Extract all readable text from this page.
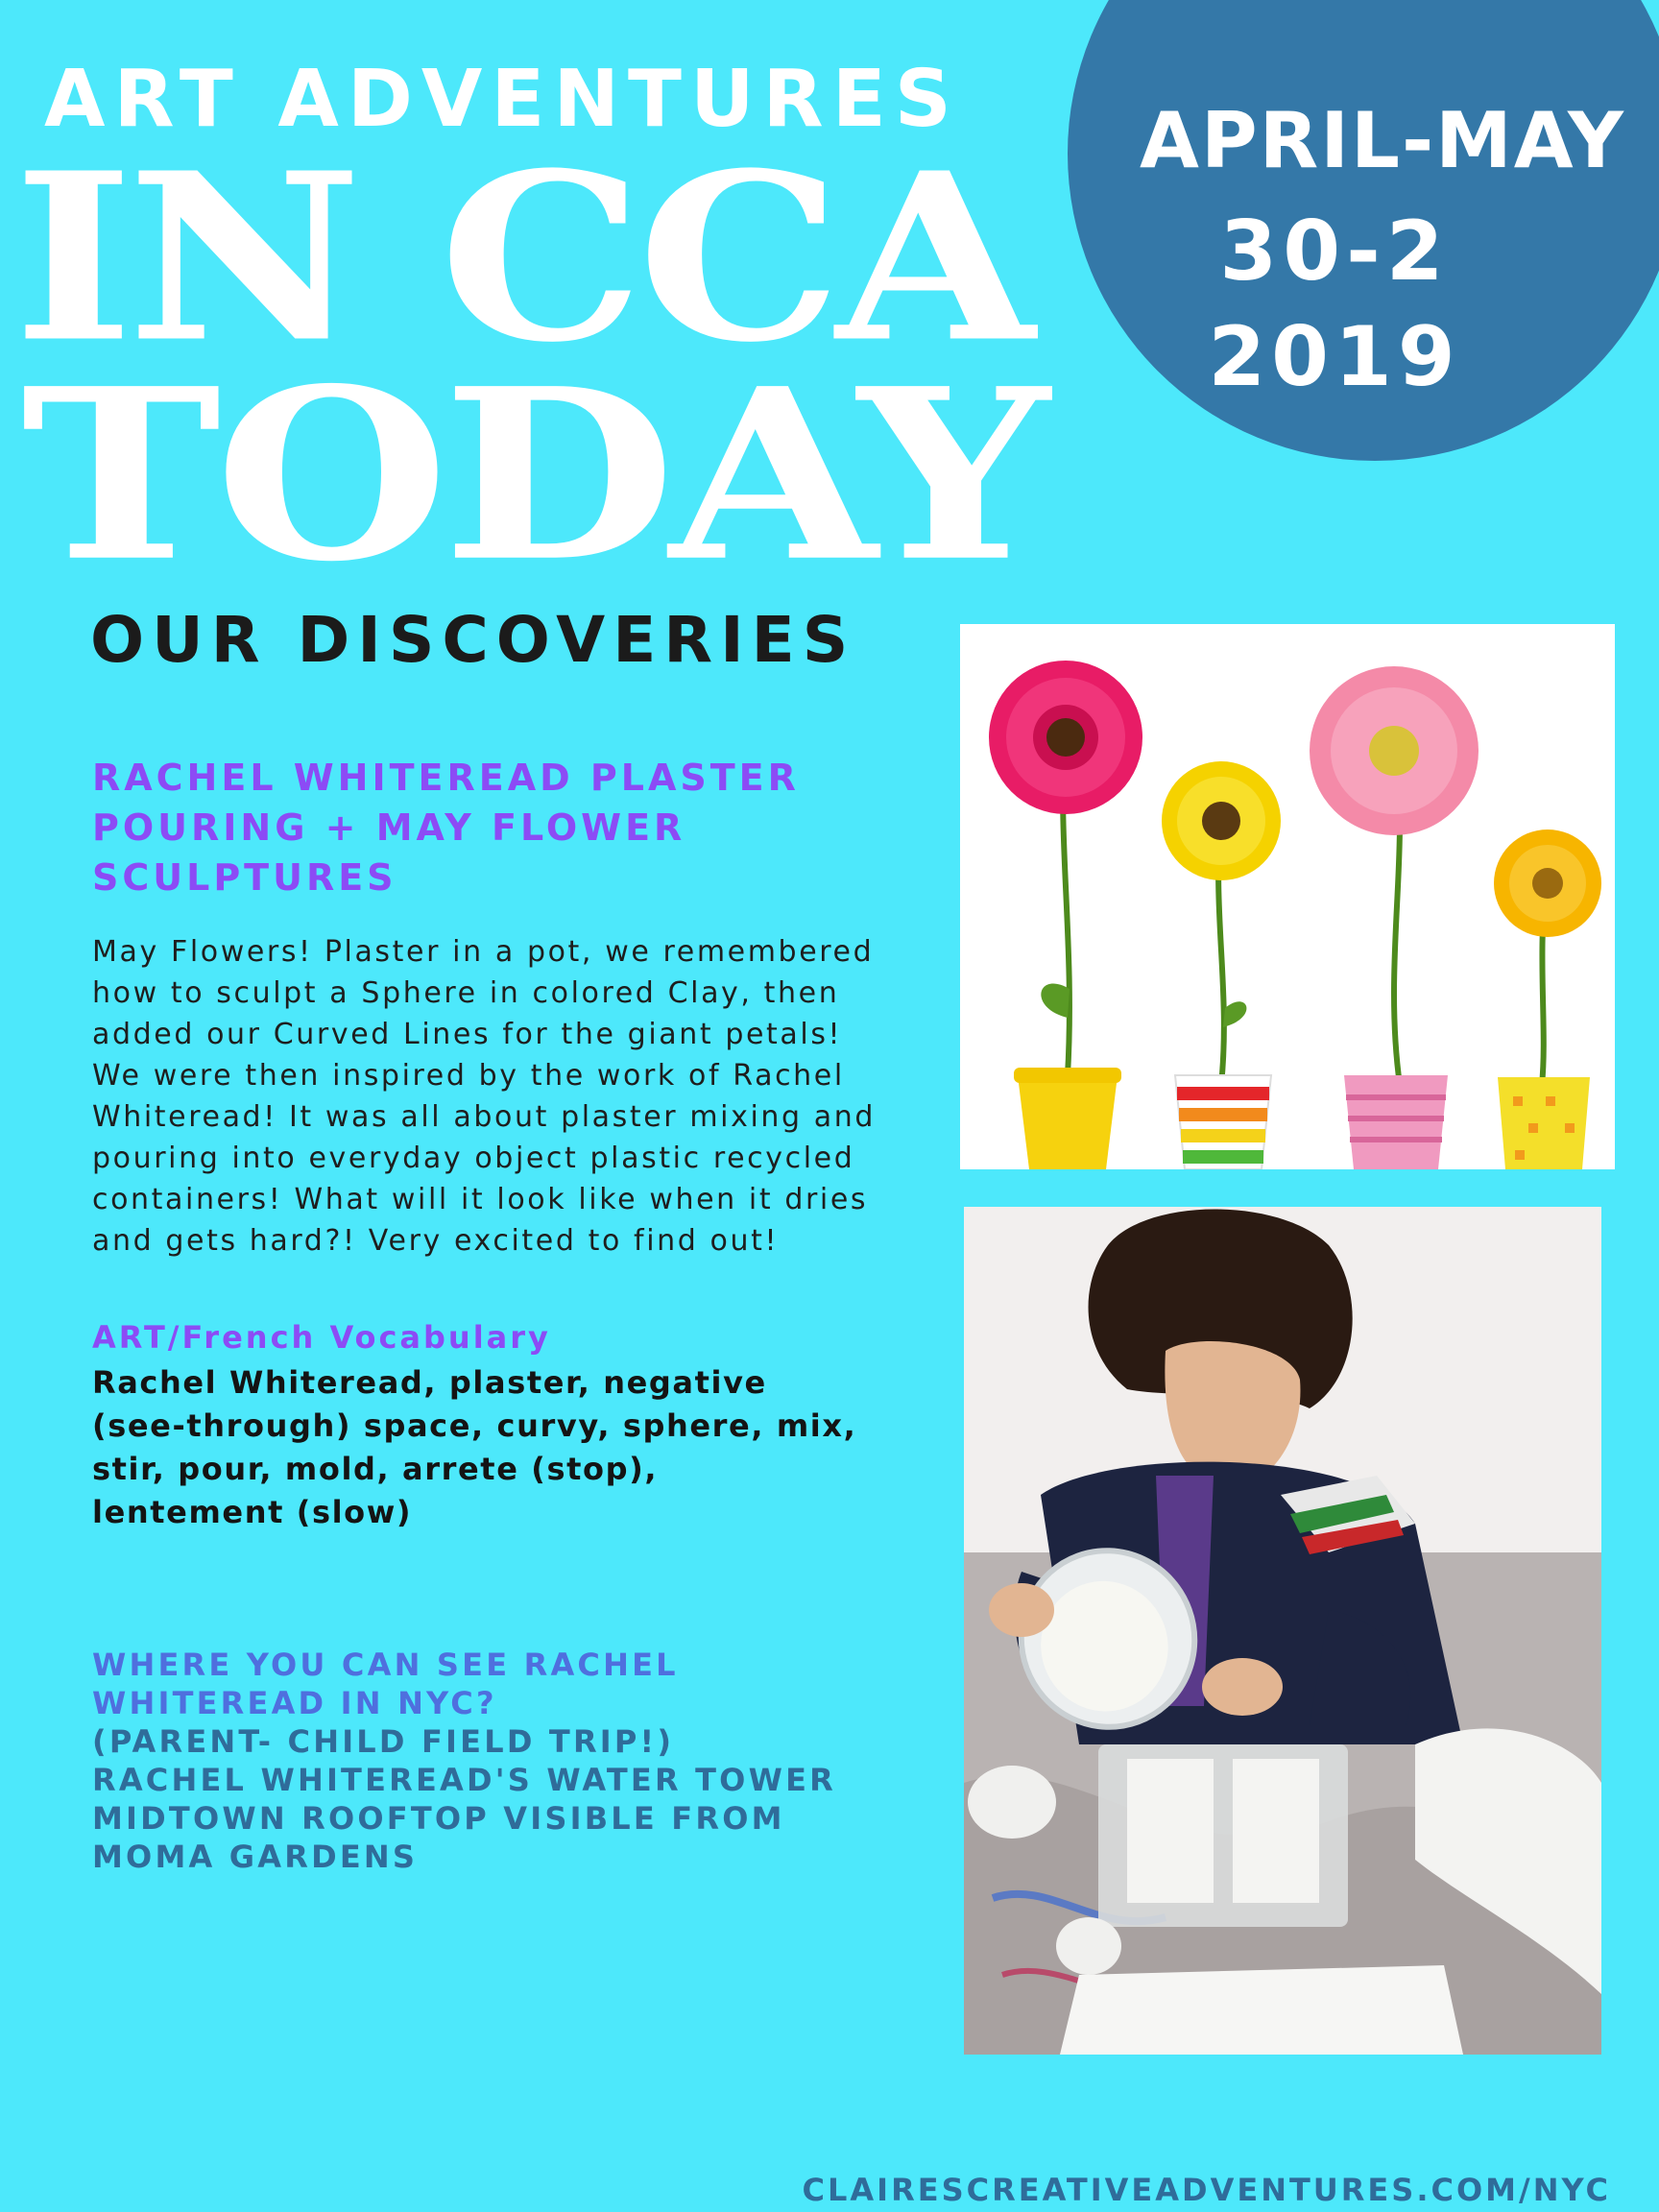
APRIL-MAY
30-2
2019
ART ADVENTURES
IN CCA
TODAY
OUR DISCOVERIES
RACHEL WHITEREAD PLASTER
POURING + MAY FLOWER
SCULPTURES
May Flowers! Plaster in a pot, we remembered
how to sculpt a Sphere in colored Clay, then
added our Curved Lines for the giant petals!
We were then inspired by the work of Rachel
Whiteread! It was all about plaster mixing and
pouring into everyday object plastic recycled
containers! What will it look like when it dries
and gets hard?! Very excited to find out!
ART/French Vocabulary
Rachel Whiteread, plaster, negative
(see-through) space, curvy, sphere, mix,
stir, pour, mold, arrete (stop),
lentement (slow)
WHERE YOU CAN SEE RACHEL
WHITEREAD IN NYC?
(PARENT- CHILD FIELD TRIP!)
RACHEL WHITEREAD'S WATER TOWER
MIDTOWN ROOFTOP VISIBLE FROM
MOMA GARDENS
CLAIRESCREATIVEADVENTURES.COM/NYC
